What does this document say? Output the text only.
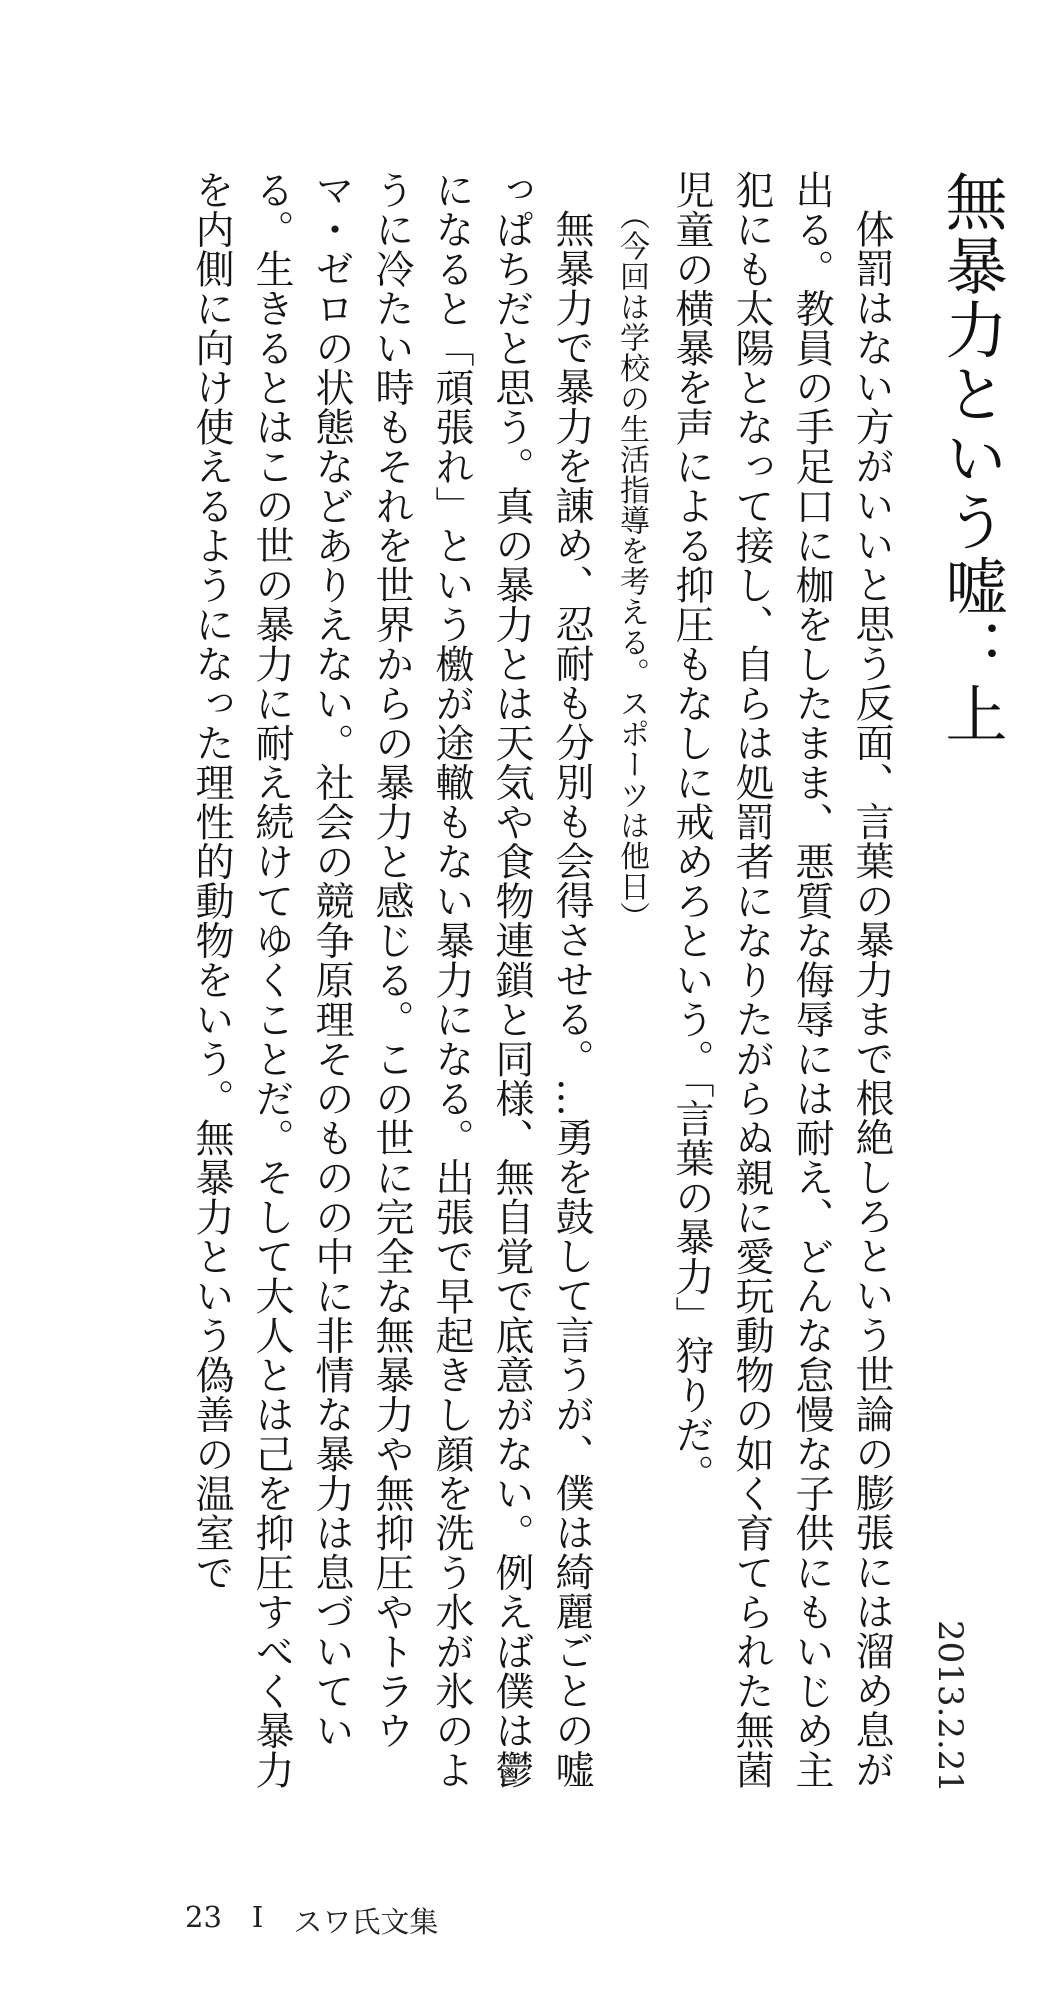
無暴力という嘘：上
2013.2.21

体罰はない方がいいと思う反面、言葉の暴力まで根絶しろという世論の膨張には溜め息が出る。教員の手足口に枷をしたまま、悪質な侮辱には耐え、どんな怠慢な子供にもいじめ主犯にも太陽となって接し、自らは処罰者になりたがらぬ親に愛玩動物の如く育てられた無菌児童の横暴を声による抑圧もなしに戒めろという。「言葉の暴力」狩りだ。

（今回は学校の生活指導を考える。スポーツは他日）

無暴力で暴力を諌め、忍耐も分別も会得させる。…勇を鼓して言うが、僕は綺麗ごとの嘘っぱちだと思う。真の暴力とは天気や食物連鎖と同様、無自覚で底意がない。例えば僕は鬱になると「頑張れ」という檄が途轍もない暴力になる。出張で早起きし顔を洗う水が氷のように冷たい時もそれを世界からの暴力と感じる。この世に完全な無暴力や無抑圧やトラウマ・ゼロの状態などありえない。社会の競争原理そのものの中に非情な暴力は息づいている。生きるとはこの世の暴力に耐え続けてゆくことだ。そして大人とは己を抑圧すべく暴力を内側に向け使えるようになった理性的動物をいう。無暴力という偽善の温室で

23 I スワ氏文集
